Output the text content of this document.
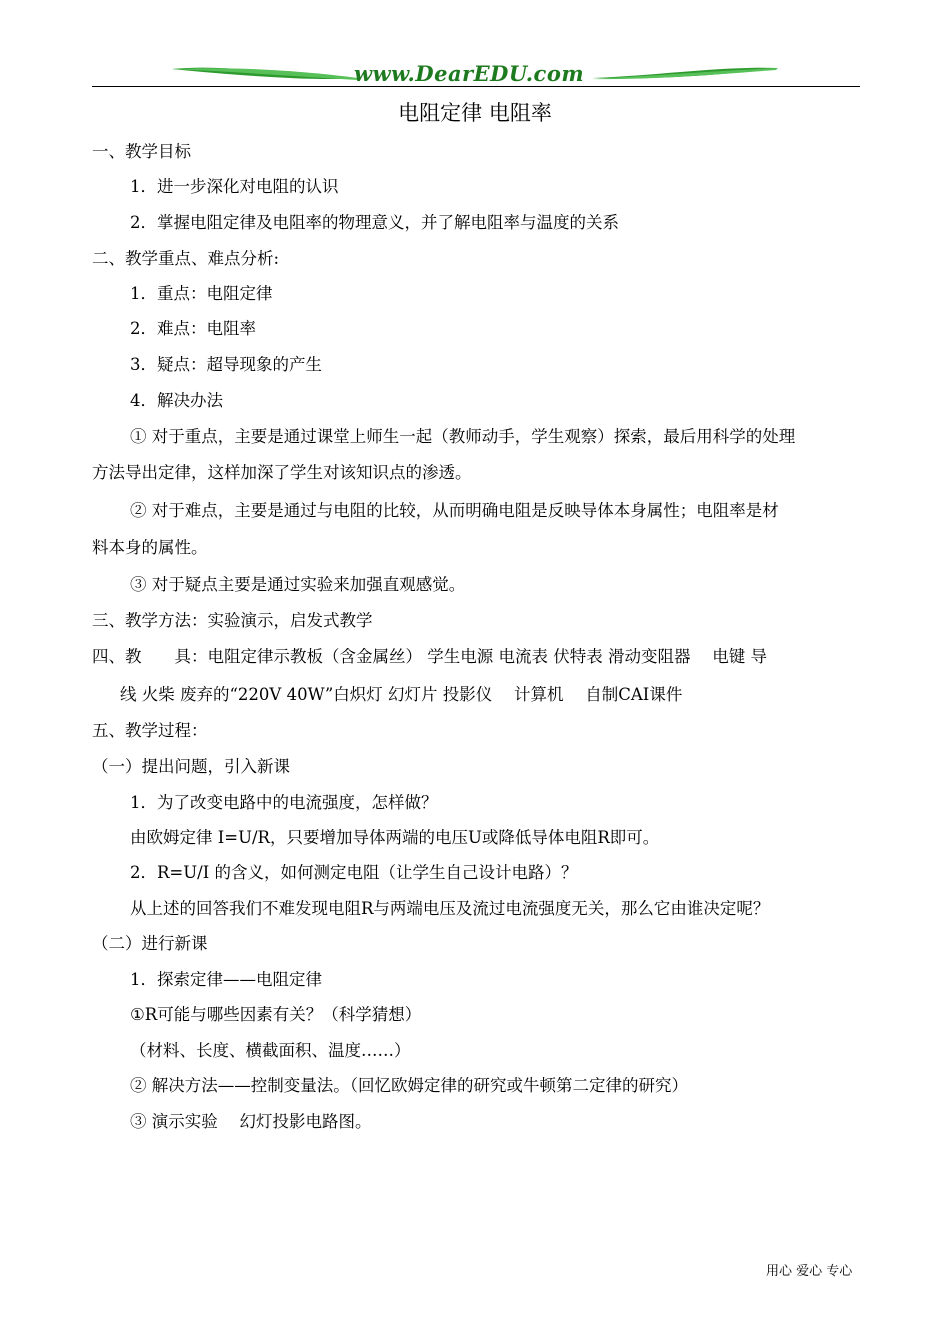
www.DearEDU.com
电阻定律 电阻率
一、教学目标
1．进一步深化对电阻的认识
2．掌握电阻定律及电阻率的物理意义，并了解电阻率与温度的关系
二、教学重点、难点分析:
1．重点：电阻定律
2．难点：电阻率
3．疑点：超导现象的产生
4．解决办法
① 对于重点，主要是通过课堂上师生一起（教师动手，学生观察）探索，最后用科学的处理
方法导出定律，这样加深了学生对该知识点的渗透。
② 对于难点，主要是通过与电阻的比较，从而明确电阻是反映导体本身属性；电阻率是材
料本身的属性。
③ 对于疑点主要是通过实验来加强直观感觉。
三、教学方法：实验演示，启发式教学
四、教　　具：电阻定律示教板（含金属丝） 学生电源 电流表 伏特表 滑动变阻器　 电键 导
线 火柴 废弃的“220V 40W”白炽灯 幻灯片 投影仪　 计算机　 自制CAI课件
五、教学过程：
（一）提出问题，引入新课
1．为了改变电路中的电流强度，怎样做？
由欧姆定律 I=U/R，只要增加导体两端的电压U或降低导体电阻R即可。
2．R=U/I 的含义，如何测定电阻（让学生自己设计电路）？
从上述的回答我们不难发现电阻R与两端电压及流过电流强度无关，那么它由谁决定呢？
（二）进行新课
1．探索定律——电阻定律
①R可能与哪些因素有关？（科学猜想）
（材料、长度、横截面积、温度……）
② 解决方法——控制变量法。（回忆欧姆定律的研究或牛顿第二定律的研究）
③ 演示实验　 幻灯投影电路图。
用心 爱心 专心
